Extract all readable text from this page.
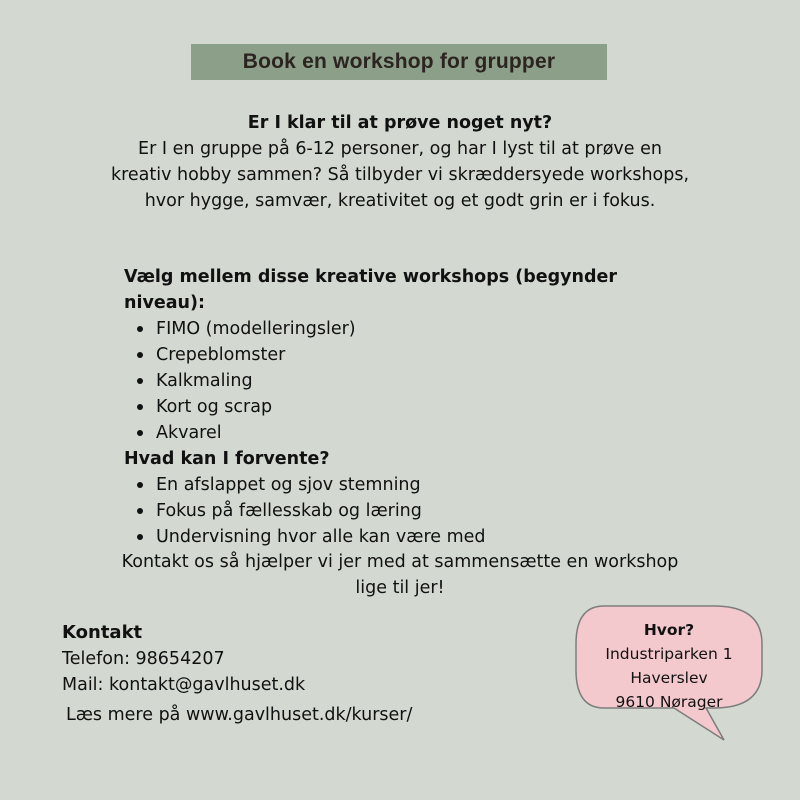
Book en workshop for grupper
Er I klar til at prøve noget nyt?
Er I en gruppe på 6-12 personer, og har I lyst til at prøve en kreativ hobby sammen? Så tilbyder vi skræddersyede workshops, hvor hygge, samvær, kreativitet og et godt grin er i fokus.
Vælg mellem disse kreative workshops (begynder niveau):
FIMO (modelleringsler)
Crepeblomster
Kalkmaling
Kort og scrap
Akvarel
Hvad kan I forvente?
En afslappet og sjov stemning
Fokus på fællesskab og læring
Undervisning hvor alle kan være med
Kontakt os så hjælper vi jer med at sammensætte en workshop lige til jer!
Kontakt
Telefon: 98654207
Mail: kontakt@gavlhuset.dk
Læs mere på www.gavlhuset.dk/kurser/
Hvor?
Industriparken 1
Haverslev
9610 Nørager
